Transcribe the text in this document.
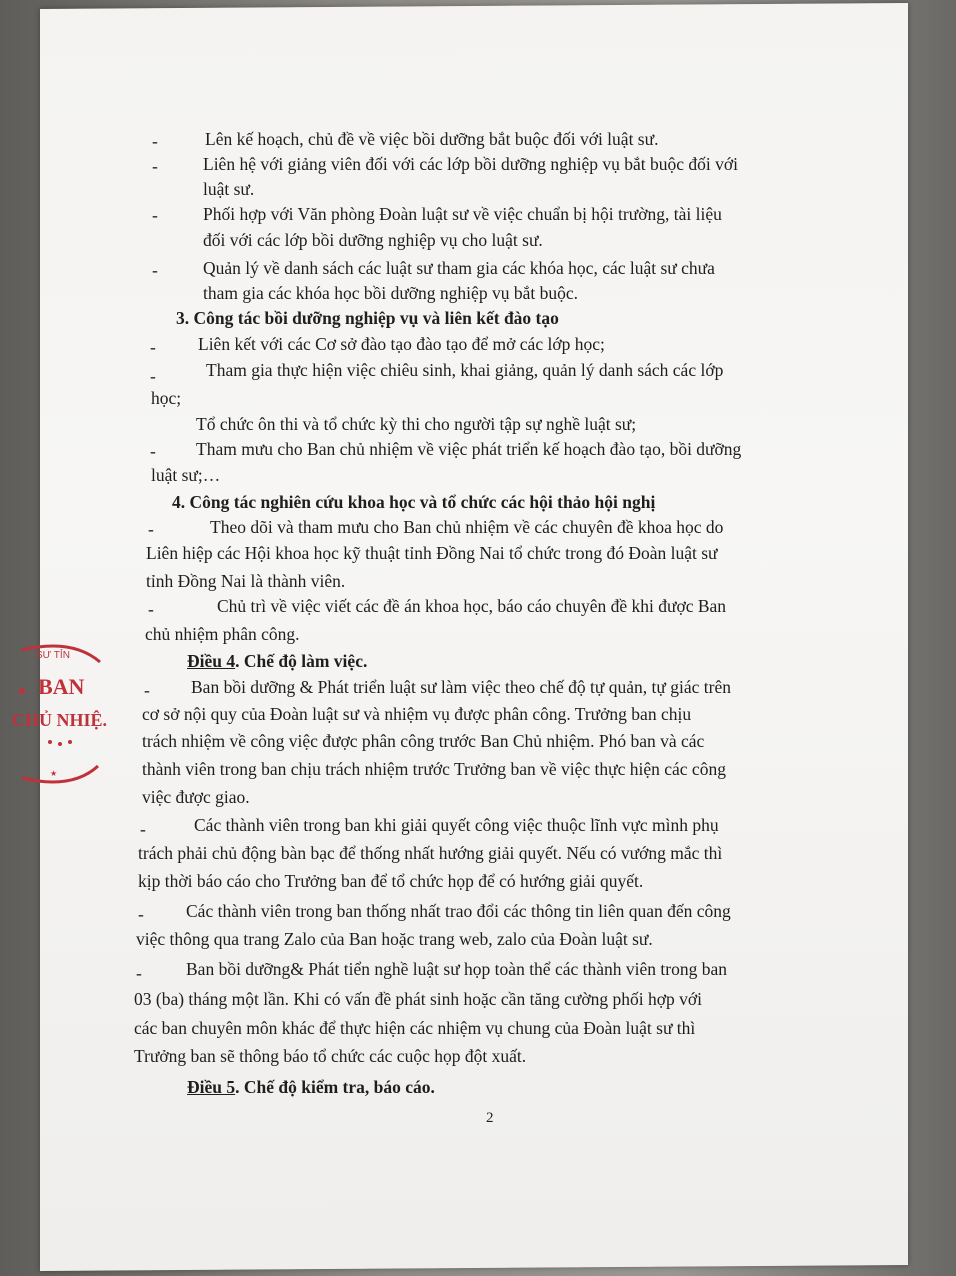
-
-
-
-
-
-
-
-
-
-
-
-
-
Lên kế hoạch, chủ đề về việc bồi dưỡng bắt buộc đối với luật sư.
Liên hệ với giảng viên đối với các lớp bồi dưỡng nghiệp vụ bắt buộc đối với
luật sư.
Phối hợp với Văn phòng Đoàn luật sư về việc chuẩn bị hội trường, tài liệu
đối với các lớp bồi dưỡng nghiệp vụ cho luật sư.
Quản lý về danh sách các luật sư tham gia các khóa học, các luật sư chưa
tham gia các khóa học bồi dưỡng nghiệp vụ bắt buộc.
3. Công tác bồi dưỡng nghiệp vụ và liên kết đào tạo
Liên kết với các Cơ sở đào tạo đào tạo để mở các lớp học;
Tham gia thực hiện việc chiêu sinh, khai giảng, quản lý danh sách các lớp
học;
Tổ chức ôn thi và tổ chức kỳ thi cho người tập sự nghề luật sư;
Tham mưu cho Ban chủ nhiệm về việc phát triển kế hoạch đào tạo, bồi dưỡng
luật sư;…
4. Công tác nghiên cứu khoa học và tổ chức các hội thảo hội nghị
Theo dõi và tham mưu cho Ban chủ nhiệm về các chuyên đề khoa học do
Liên hiệp các Hội khoa học kỹ thuật tỉnh Đồng Nai tổ chức trong đó Đoàn luật sư
tỉnh Đồng Nai là thành viên.
Chủ trì về việc viết các đề án khoa học, báo cáo chuyên đề khi được Ban
chủ nhiệm phân công.
Điều 4. Chế độ làm việc.
Ban bồi dưỡng & Phát triển luật sư làm việc theo chế độ tự quản, tự giác trên
cơ sở nội quy của Đoàn luật sư và nhiệm vụ được phân công. Trưởng ban chịu
trách nhiệm về công việc được phân công trước Ban Chủ nhiệm. Phó ban và các
thành viên trong ban chịu trách nhiệm trước Trưởng ban về việc thực hiện các công
việc được giao.
Các thành viên trong ban khi giải quyết công việc thuộc lĩnh vực mình phụ
trách phải chủ động bàn bạc để thống nhất hướng giải quyết. Nếu có vướng mắc thì
kịp thời báo cáo cho Trưởng ban để tổ chức họp để có hướng giải quyết.
Các thành viên trong ban thống nhất trao đổi các thông tin liên quan đến công
việc thông qua trang Zalo của Ban hoặc trang web, zalo của Đoàn luật sư.
Ban bồi dưỡng& Phát tiển nghề luật sư họp toàn thể các thành viên trong ban
03 (ba) tháng một lần. Khi có vấn đề phát sinh hoặc cần tăng cường phối hợp với
các ban chuyên môn khác để thực hiện các nhiệm vụ chung của Đoàn luật sư thì
Trưởng ban sẽ thông báo tổ chức các cuộc họp đột xuất.
Điều 5. Chế độ kiểm tra, báo cáo.
2
SƯ TỈN
BAN
CHỦ NHIỆ.
★
